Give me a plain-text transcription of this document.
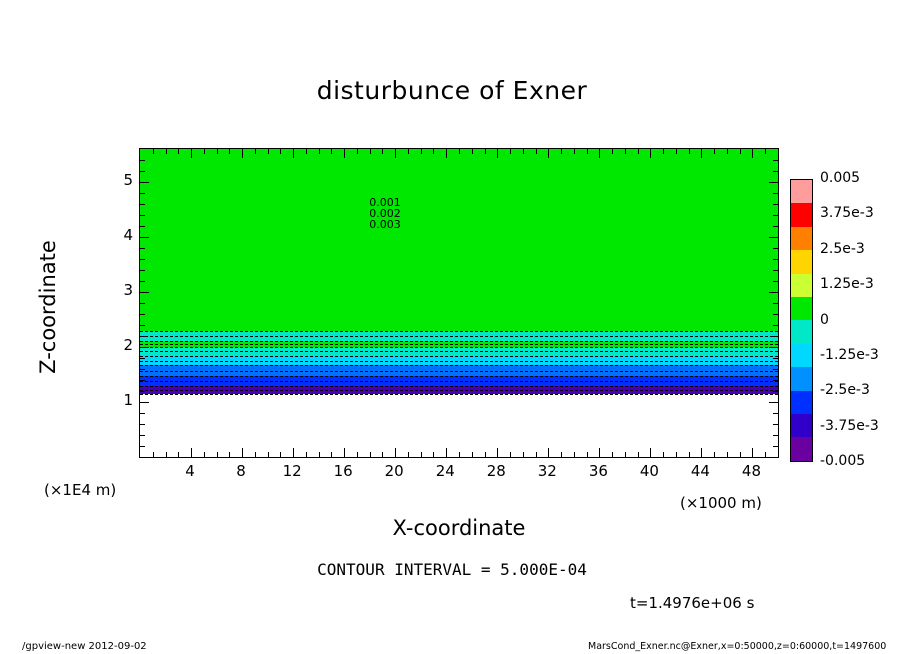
disturbunce of Exner
0.001
0.002
0.003
4	8	12	16	20	24	28	32	36	40	44	48
1
2
3
4
5
(×1E4 m)
(×1000 m)
X-coordinate
Z-coordinate
0.005
3.75e-3
2.5e-3
1.25e-3
0
-1.25e-3
-2.5e-3
-3.75e-3
-0.005
CONTOUR INTERVAL = 5.000E-04
t=1.4976e+06 s
/gpview-new 2012-09-02	MarsCond_Exner.nc@Exner,x=0:50000,z=0:60000,t=1497600
